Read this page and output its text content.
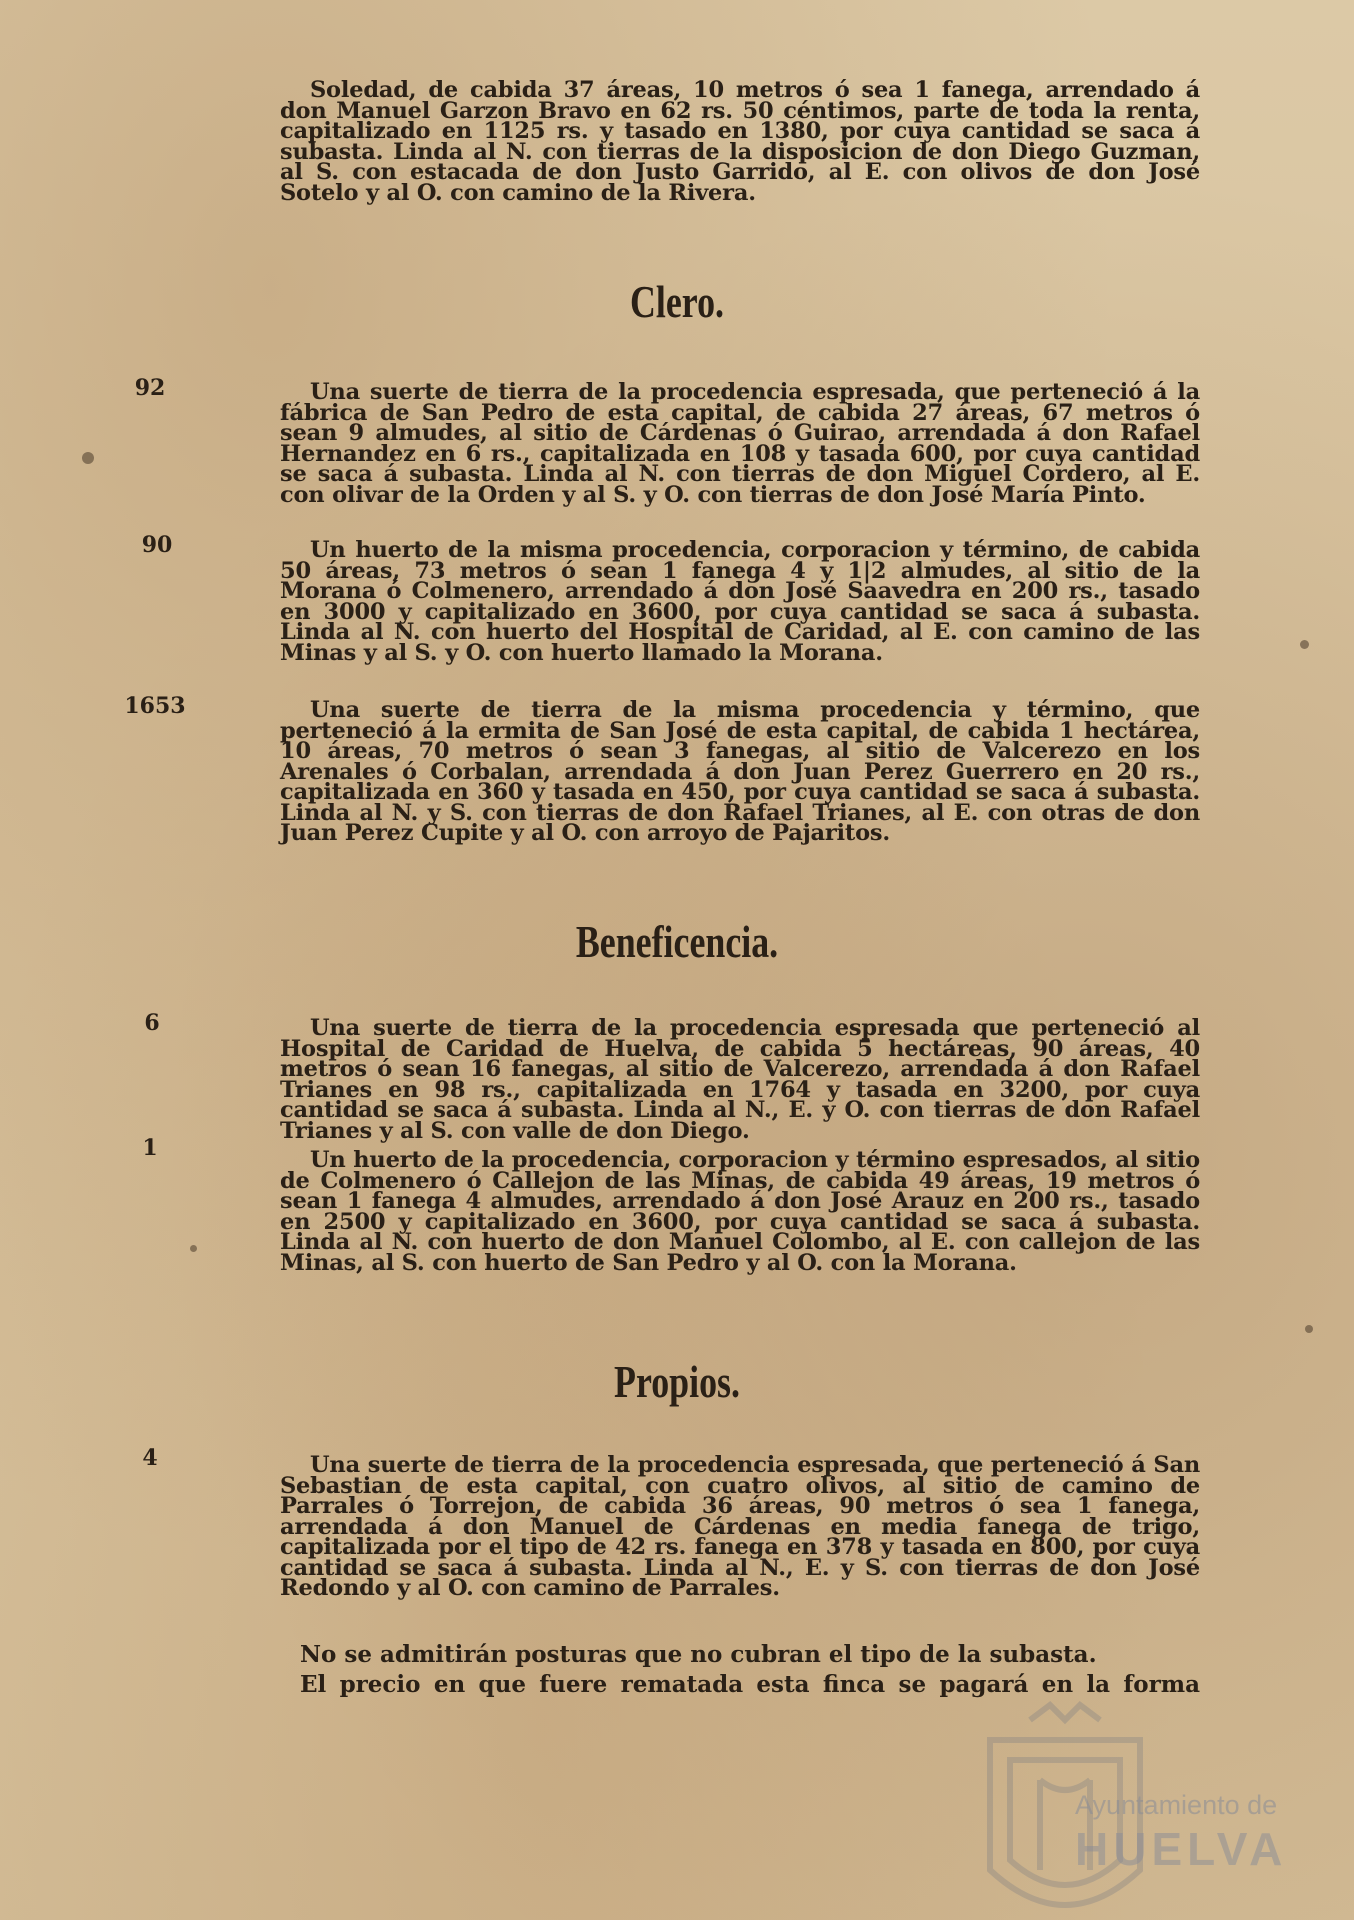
Soledad, de cabida 37 áreas, 10 metros ó sea 1 fanega, arrendado á don Manuel Garzon Bravo en 62 rs. 50 céntimos, parte de toda la renta, capitalizado en 1125 rs. y tasado en 1380, por cuya cantidad se saca á subasta. Linda al N. con tierras de la disposicion de don Diego Guzman, al S. con estacada de don Justo Garrido, al E. con olivos de don José Sotelo y al O. con camino de la Rivera.
Clero.
92	Una suerte de tierra de la procedencia espresada, que perteneció á la fábrica de San Pedro de esta capital, de cabida 27 áreas, 67 metros ó sean 9 almudes, al sitio de Cárdenas ó Guirao, arrendada á don Rafael Hernandez en 6 rs., capitalizada en 108 y tasada 600, por cuya cantidad se saca á subasta. Linda al N. con tierras de don Miguel Cordero, al E. con olivar de la Orden y al S. y O. con tierras de don José María Pinto.
90	Un huerto de la misma procedencia, corporacion y término, de cabida 50 áreas, 73 metros ó sean 1 fanega 4 y 1|2 almudes, al sitio de la Morana ó Colmenero, arrendado á don José Saavedra en 200 rs., tasado en 3000 y capitalizado en 3600, por cuya cantidad se saca á subasta. Linda al N. con huerto del Hospital de Caridad, al E. con camino de las Minas y al S. y O. con huerto llamado la Morana.
1653	Una suerte de tierra de la misma procedencia y término, que perteneció á la ermita de San José de esta capital, de cabida 1 hectárea, 10 áreas, 70 metros ó sean 3 fanegas, al sitio de Valcerezo en los Arenales ó Corbalan, arrendada á don Juan Perez Guerrero en 20 rs., capitalizada en 360 y tasada en 450, por cuya cantidad se saca á subasta. Linda al N. y S. con tierras de don Rafael Trianes, al E. con otras de don Juan Perez Cupite y al O. con arroyo de Pajaritos.
Beneficencia.
6	Una suerte de tierra de la procedencia espresada que perteneció al Hospital de Caridad de Huelva, de cabida 5 hectáreas, 90 áreas, 40 metros ó sean 16 fanegas, al sitio de Valcerezo, arrendada á don Rafael Trianes en 98 rs., capitalizada en 1764 y tasada en 3200, por cuya cantidad se saca á subasta. Linda al N., E. y O. con tierras de don Rafael Trianes y al S. con valle de don Diego.
1	Un huerto de la procedencia, corporacion y término espresados, al sitio de Colmenero ó Callejon de las Minas, de cabida 49 áreas, 19 metros ó sean 1 fanega 4 almudes, arrendado á don José Arauz en 200 rs., tasado en 2500 y capitalizado en 3600, por cuya cantidad se saca á subasta. Linda al N. con huerto de don Manuel Colombo, al E. con callejon de las Minas, al S. con huerto de San Pedro y al O. con la Morana.
Propios.
4	Una suerte de tierra de la procedencia espresada, que perteneció á San Sebastian de esta capital, con cuatro olivos, al sitio de camino de Parrales ó Torrejon, de cabida 36 áreas, 90 metros ó sea 1 fanega, arrendada á don Manuel de Cárdenas en media fanega de trigo, capitalizada por el tipo de 42 rs. fanega en 378 y tasada en 800, por cuya cantidad se saca á subasta. Linda al N., E. y S. con tierras de don José Redondo y al O. con camino de Parrales.

No se admitirán posturas que no cubran el tipo de la subasta.

El precio en que fuere rematada esta finca se pagará en la forma

Ayuntamiento de
HUELVA
